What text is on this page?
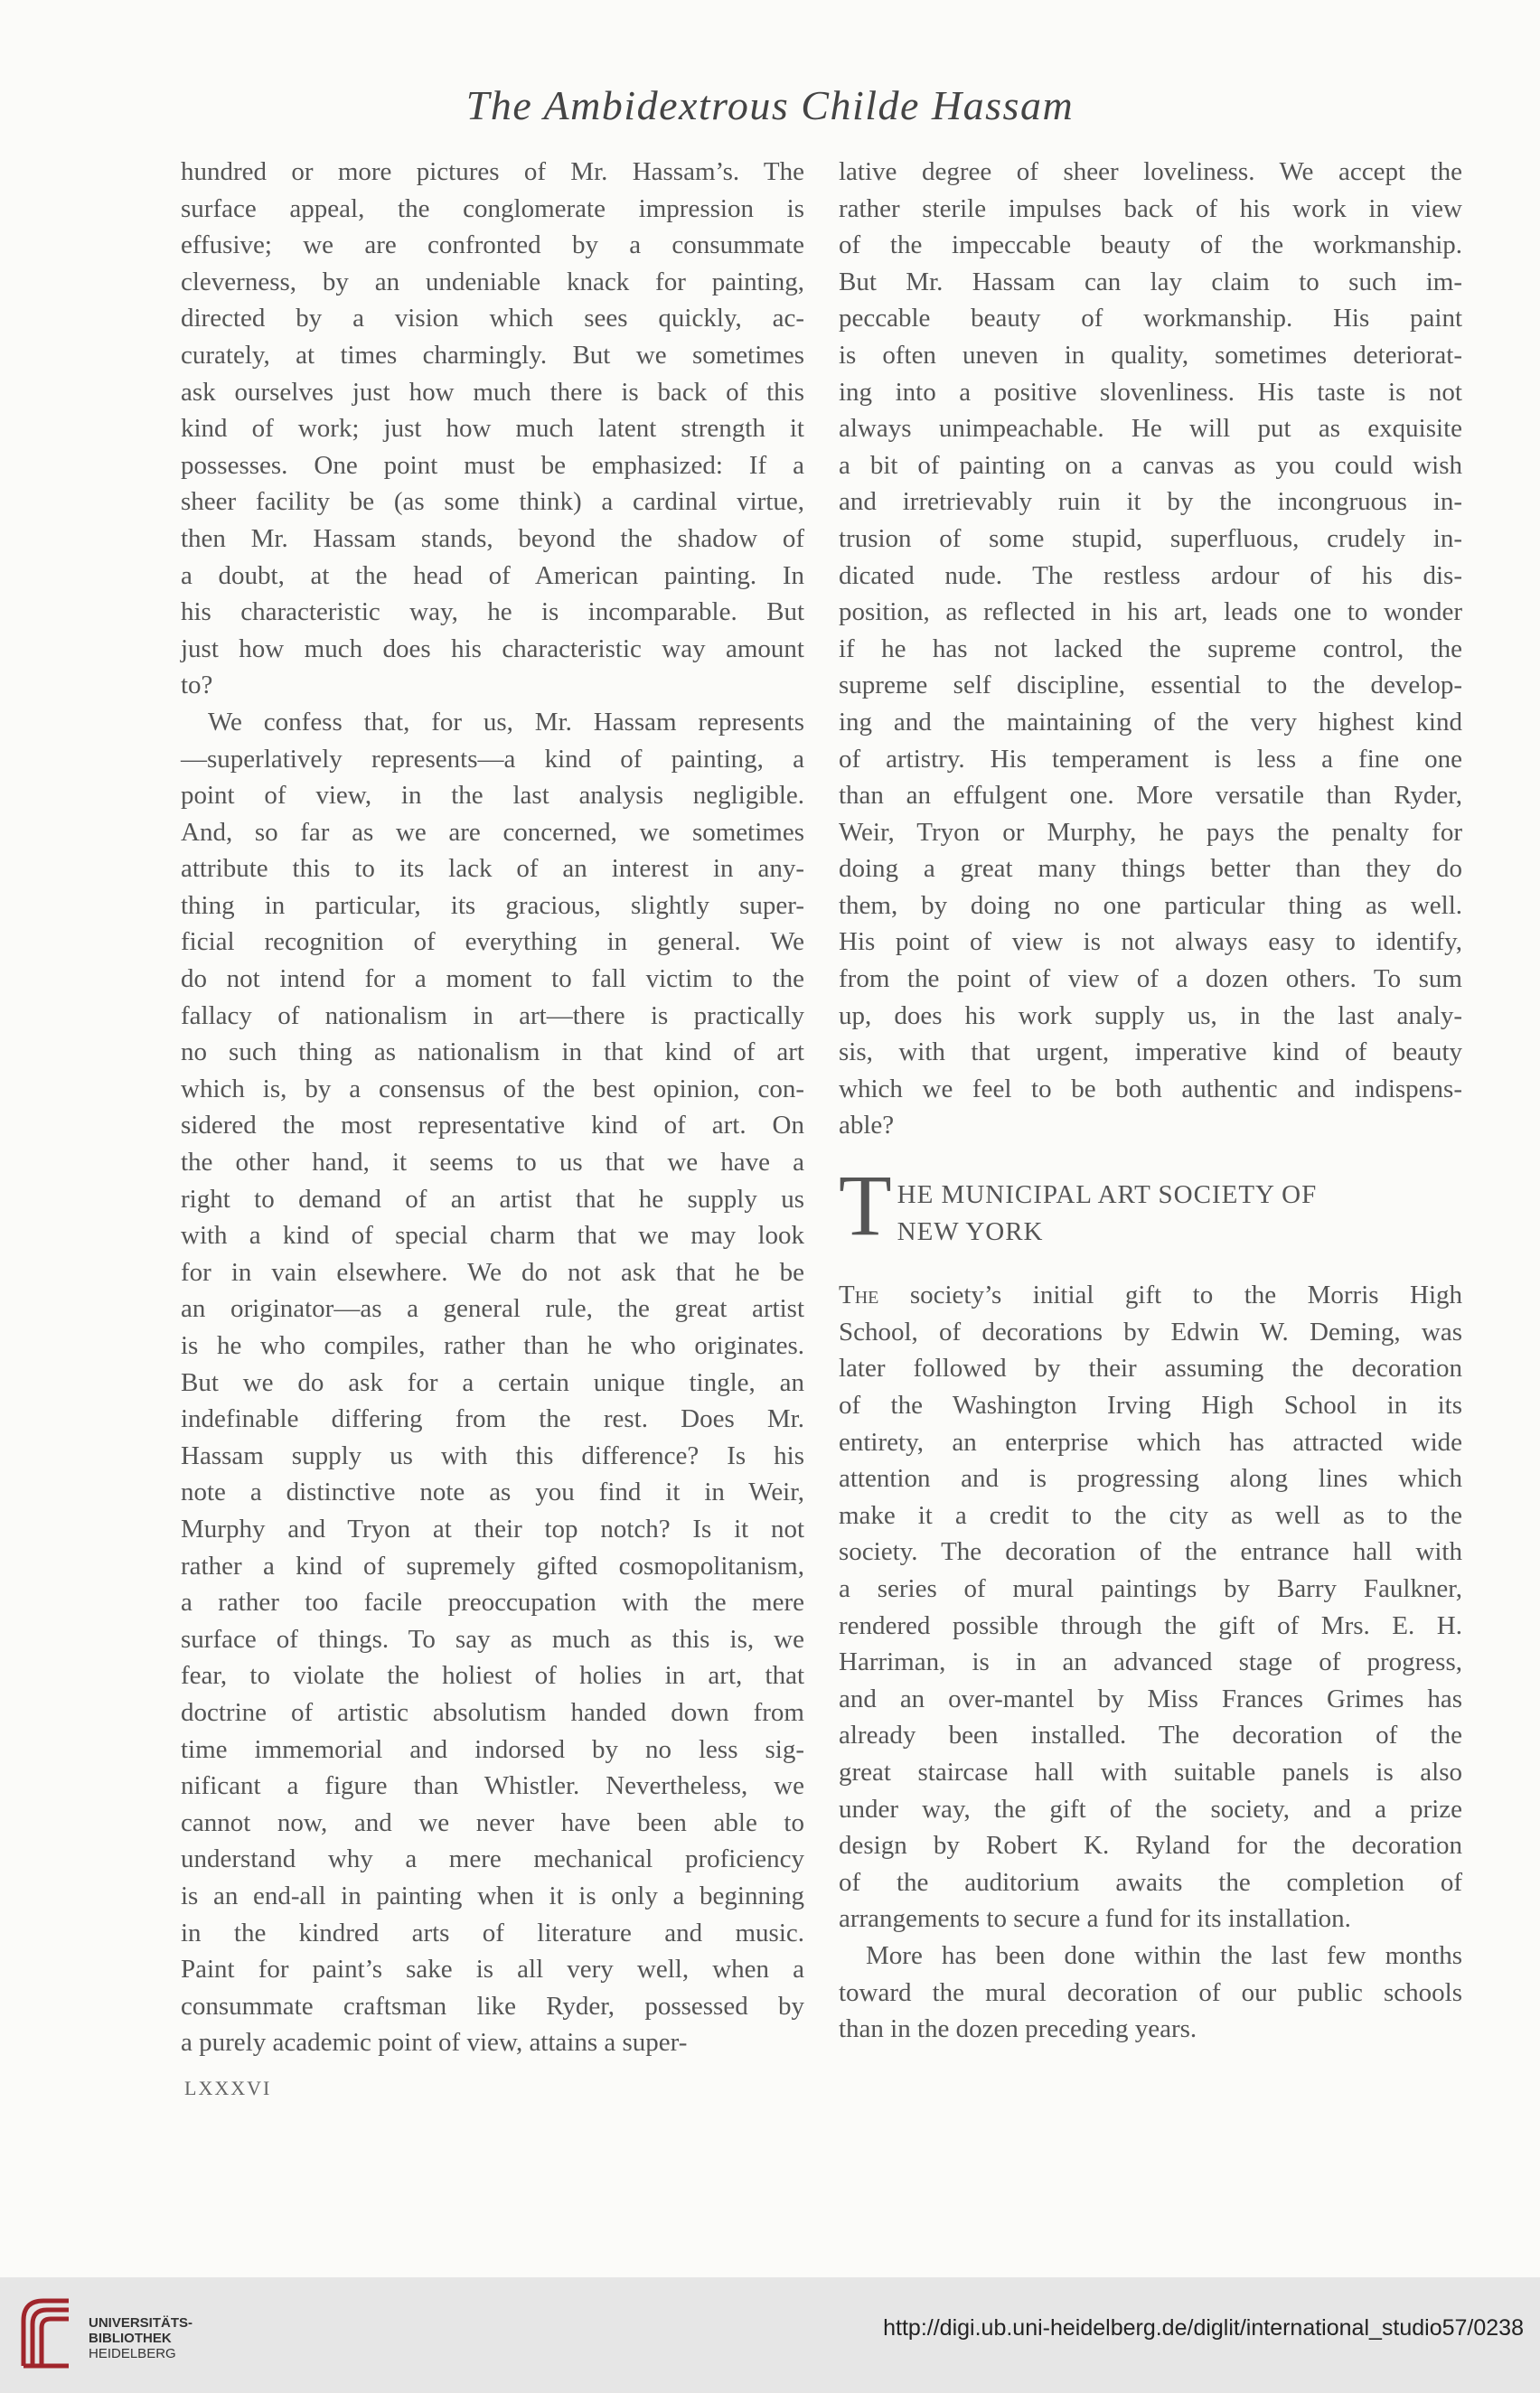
The Ambidextrous Childe Hassam

hundred or more pictures of Mr. Hassam’s. The
surface appeal, the conglomerate impression is
effusive; we are confronted by a consummate
cleverness, by an undeniable knack for painting,
directed by a vision which sees quickly, ac-
curately, at times charmingly. But we sometimes
ask ourselves just how much there is back of this
kind of work; just how much latent strength it
possesses. One point must be emphasized: If a
sheer facility be (as some think) a cardinal virtue,
then Mr. Hassam stands, beyond the shadow of
a doubt, at the head of American painting. In
his characteristic way, he is incomparable. But
just how much does his characteristic way amount
to?

We confess that, for us, Mr. Hassam represents
—superlatively represents—a kind of painting, a
point of view, in the last analysis negligible.
And, so far as we are concerned, we sometimes
attribute this to its lack of an interest in any-
thing in particular, its gracious, slightly super-
ficial recognition of everything in general. We
do not intend for a moment to fall victim to the
fallacy of nationalism in art—there is practically
no such thing as nationalism in that kind of art
which is, by a consensus of the best opinion, con-
sidered the most representative kind of art. On
the other hand, it seems to us that we have a
right to demand of an artist that he supply us
with a kind of special charm that we may look
for in vain elsewhere. We do not ask that he be
an originator—as a general rule, the great artist
is he who compiles, rather than he who originates.
But we do ask for a certain unique tingle, an
indefinable differing from the rest. Does Mr.
Hassam supply us with this difference? Is his
note a distinctive note as you find it in Weir,
Murphy and Tryon at their top notch? Is it not
rather a kind of supremely gifted cosmopolitanism,
a rather too facile preoccupation with the mere
surface of things. To say as much as this is, we
fear, to violate the holiest of holies in art, that
doctrine of artistic absolutism handed down from
time immemorial and indorsed by no less sig-
nificant a figure than Whistler. Nevertheless, we
cannot now, and we never have been able to
understand why a mere mechanical proficiency
is an end-all in painting when it is only a beginning
in the kindred arts of literature and music.
Paint for paint’s sake is all very well, when a
consummate craftsman like Ryder, possessed by
a purely academic point of view, attains a super-

lative degree of sheer loveliness. We accept the
rather sterile impulses back of his work in view
of the impeccable beauty of the workmanship.
But Mr. Hassam can lay claim to such im-
peccable beauty of workmanship. His paint
is often uneven in quality, sometimes deteriorat-
ing into a positive slovenliness. His taste is not
always unimpeachable. He will put as exquisite
a bit of painting on a canvas as you could wish
and irretrievably ruin it by the incongruous in-
trusion of some stupid, superfluous, crudely in-
dicated nude. The restless ardour of his dis-
position, as reflected in his art, leads one to wonder
if he has not lacked the supreme control, the
supreme self discipline, essential to the develop-
ing and the maintaining of the very highest kind
of artistry. His temperament is less a fine one
than an effulgent one. More versatile than Ryder,
Weir, Tryon or Murphy, he pays the penalty for
doing a great many things better than they do
them, by doing no one particular thing as well.
His point of view is not always easy to identify,
from the point of view of a dozen others. To sum
up, does his work supply us, in the last analy-
sis, with that urgent, imperative kind of beauty
which we feel to be both authentic and indispens-
able?

T HE MUNICIPAL ART SOCIETY OF
NEW YORK

The society’s initial gift to the Morris High
School, of decorations by Edwin W. Deming, was
later followed by their assuming the decoration
of the Washington Irving High School in its
entirety, an enterprise which has attracted wide
attention and is progressing along lines which
make it a credit to the city as well as to the
society. The decoration of the entrance hall with
a series of mural paintings by Barry Faulkner,
rendered possible through the gift of Mrs. E. H.
Harriman, is in an advanced stage of progress,
and an over-mantel by Miss Frances Grimes has
already been installed. The decoration of the
great staircase hall with suitable panels is also
under way, the gift of the society, and a prize
design by Robert K. Ryland for the decoration
of the auditorium awaits the completion of
arrangements to secure a fund for its installation.

More has been done within the last few months
toward the mural decoration of our public schools
than in the dozen preceding years.

LXXXVI
UNIVERSITÄTS-
BIBLIOTHEK
HEIDELBERG
http://digi.ub.uni-heidelberg.de/diglit/international_studio57/0238
